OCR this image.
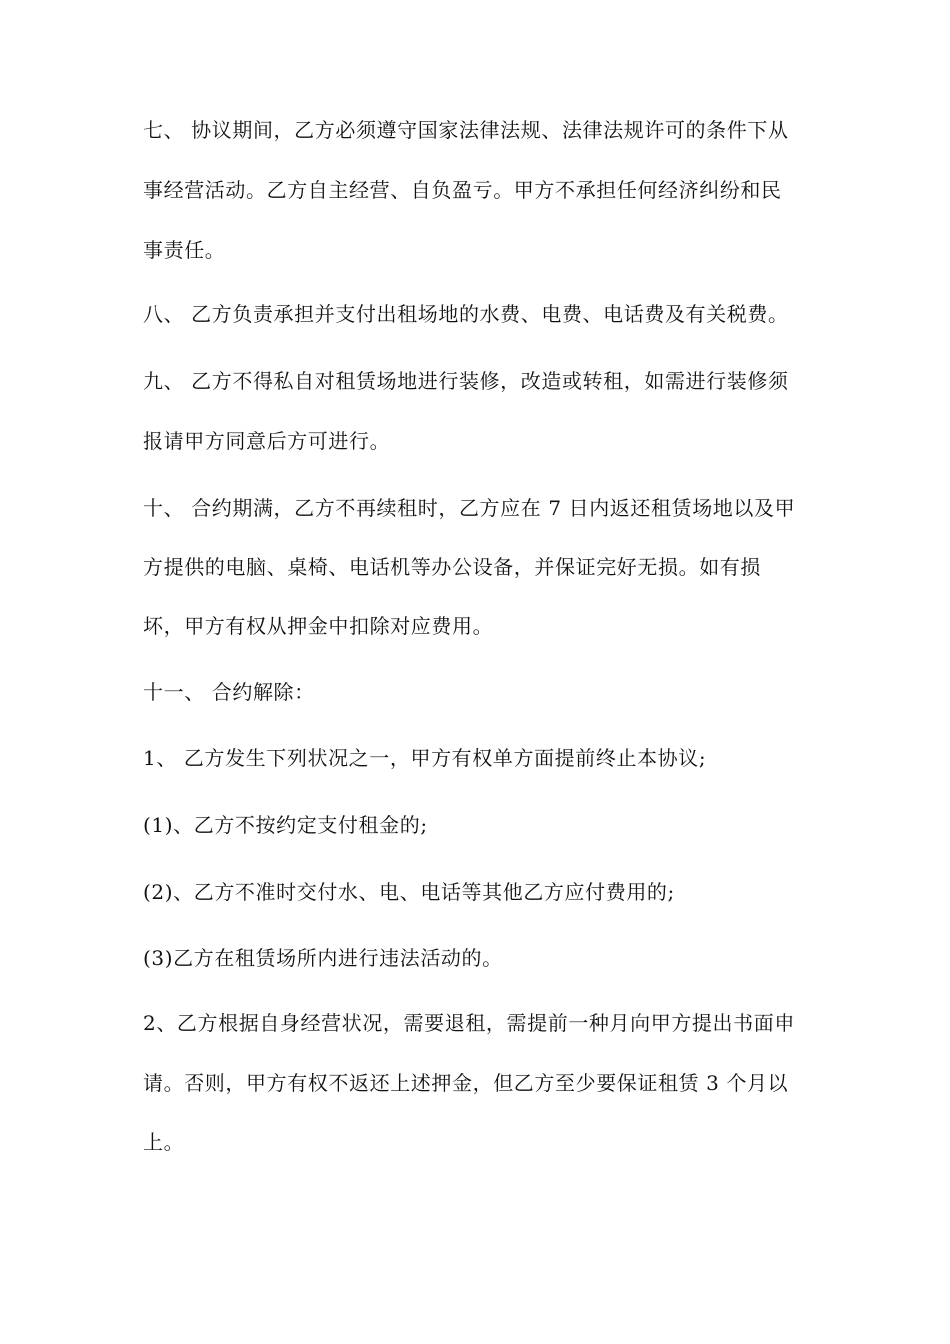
七、 协议期间，乙方必须遵守国家法律法规、法律法规许可的条件下从
事经营活动。乙方自主经营、自负盈亏。甲方不承担任何经济纠纷和民
事责任。
八、 乙方负责承担并支付出租场地的水费、电费、电话费及有关税费。
九、 乙方不得私自对租赁场地进行装修，改造或转租，如需进行装修须
报请甲方同意后方可进行。
十、 合约期满，乙方不再续租时，乙方应在 7 日内返还租赁场地以及甲
方提供的电脑、桌椅、电话机等办公设备，并保证完好无损。如有损
坏，甲方有权从押金中扣除对应费用。
十一、 合约解除：
1、 乙方发生下列状况之一，甲方有权单方面提前终止本协议;
(1)、乙方不按约定支付租金的;
(2)、乙方不准时交付水、电、电话等其他乙方应付费用的;
(3)乙方在租赁场所内进行违法活动的。
2、乙方根据自身经营状况，需要退租，需提前一种月向甲方提出书面申
请。否则，甲方有权不返还上述押金，但乙方至少要保证租赁 3 个月以
上。
